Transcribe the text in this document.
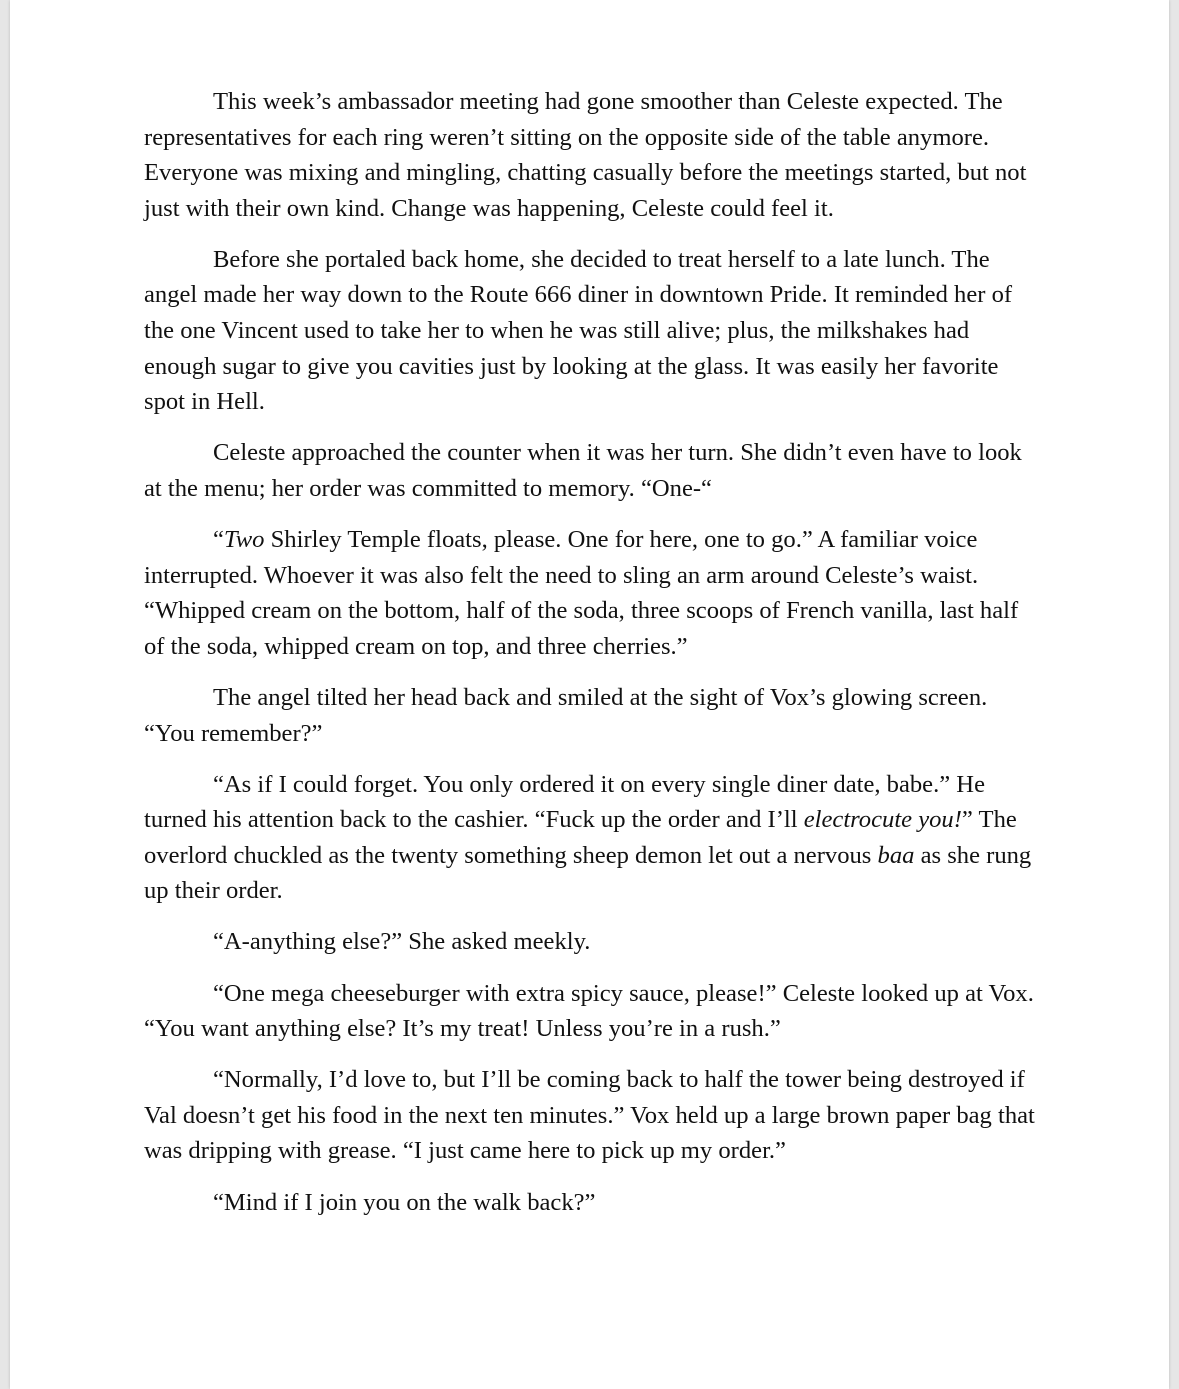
This week’s ambassador meeting had gone smoother than Celeste expected. The representatives for each ring weren’t sitting on the opposite side of the table anymore. Everyone was mixing and mingling, chatting casually before the meetings started, but not just with their own kind. Change was happening, Celeste could feel it.

Before she portaled back home, she decided to treat herself to a late lunch. The angel made her way down to the Route 666 diner in downtown Pride. It reminded her of the one Vincent used to take her to when he was still alive; plus, the milkshakes had enough sugar to give you cavities just by looking at the glass. It was easily her favorite spot in Hell.

Celeste approached the counter when it was her turn. She didn’t even have to look at the menu; her order was committed to memory. “One-“

“Two Shirley Temple floats, please. One for here, one to go.” A familiar voice interrupted. Whoever it was also felt the need to sling an arm around Celeste’s waist. “Whipped cream on the bottom, half of the soda, three scoops of French vanilla, last half of the soda, whipped cream on top, and three cherries.”

The angel tilted her head back and smiled at the sight of Vox’s glowing screen. “You remember?”

“As if I could forget. You only ordered it on every single diner date, babe.” He turned his attention back to the cashier. “Fuck up the order and I’ll electrocute you!” The overlord chuckled as the twenty something sheep demon let out a nervous baa as she rung up their order.

“A-anything else?” She asked meekly.

“One mega cheeseburger with extra spicy sauce, please!” Celeste looked up at Vox. “You want anything else? It’s my treat! Unless you’re in a rush.”

“Normally, I’d love to, but I’ll be coming back to half the tower being destroyed if Val doesn’t get his food in the next ten minutes.” Vox held up a large brown paper bag that was dripping with grease. “I just came here to pick up my order.”

“Mind if I join you on the walk back?”
